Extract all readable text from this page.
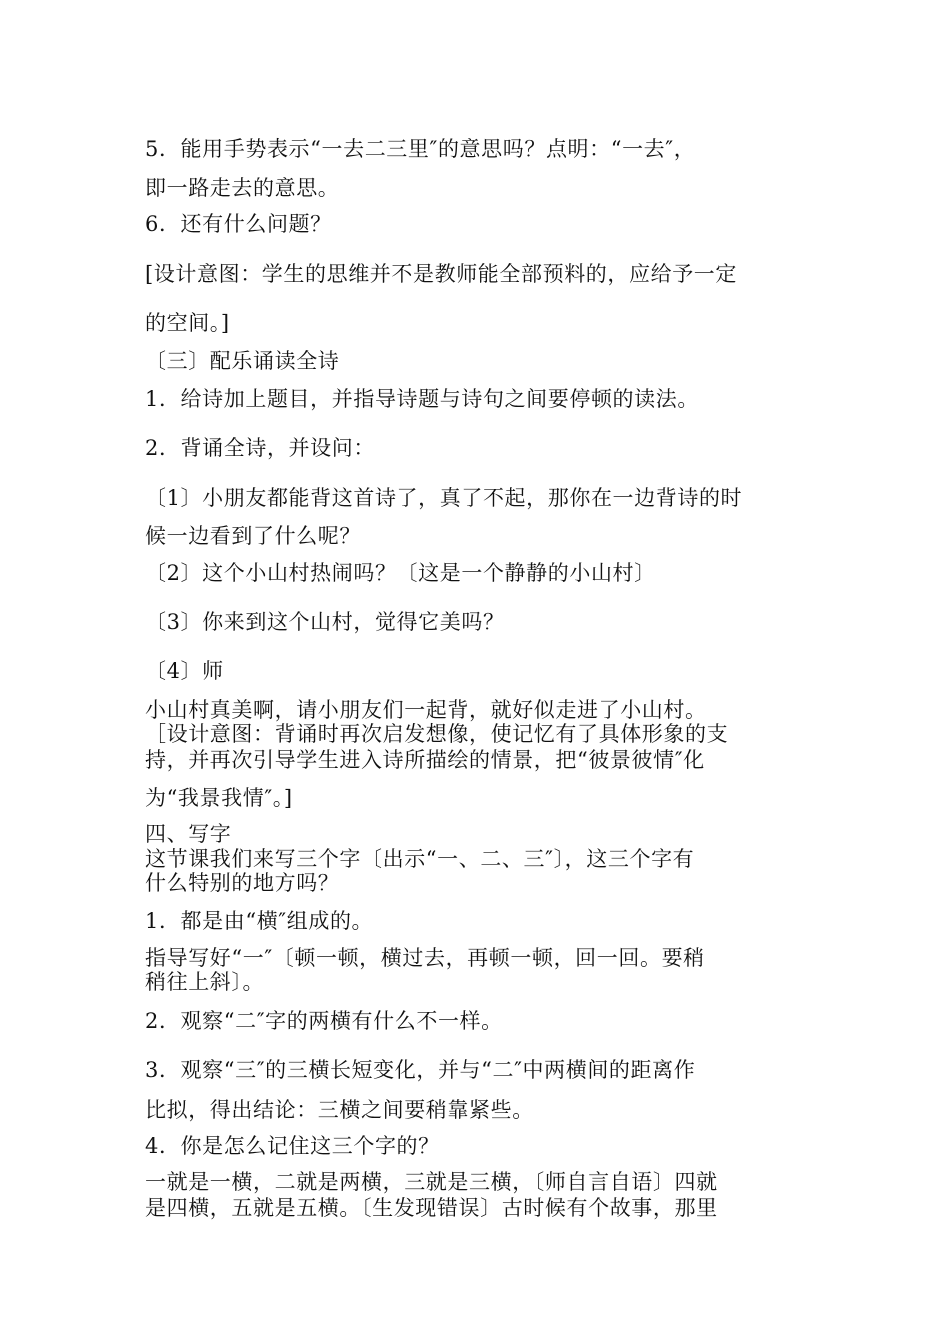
5．能用手势表示“一去二三里″的意思吗？点明：“一去″，
即一路走去的意思。
6．还有什么问题？
[设计意图：学生的思维并不是教师能全部预料的，应给予一定
的空间。]
〔三〕配乐诵读全诗
1．给诗加上题目，并指导诗题与诗句之间要停顿的读法。
2．背诵全诗，并设问：
〔1〕小朋友都能背这首诗了，真了不起，那你在一边背诗的时
候一边看到了什么呢？
〔2〕这个小山村热闹吗？〔这是一个静静的小山村〕
〔3〕你来到这个山村，觉得它美吗？
〔4〕师
小山村真美啊，请小朋友们一起背，就好似走进了小山村。
［设计意图：背诵时再次启发想像，使记忆有了具体形象的支
持，并再次引导学生进入诗所描绘的情景，把“彼景彼情″化
为“我景我情″。]
四、写字
这节课我们来写三个字〔出示“一、二、三″〕，这三个字有
什么特别的地方吗？
1．都是由“横″组成的。
指导写好“一″〔顿一顿，横过去，再顿一顿，回一回。要稍
稍往上斜〕。
2．观察“二″字的两横有什么不一样。
3．观察“三″的三横长短变化，并与“二″中两横间的距离作
比拟，得出结论：三横之间要稍靠紧些。
4．你是怎么记住这三个字的？
一就是一横，二就是两横，三就是三横，〔师自言自语〕四就
是四横，五就是五横。〔生发现错误〕古时候有个故事，那里
